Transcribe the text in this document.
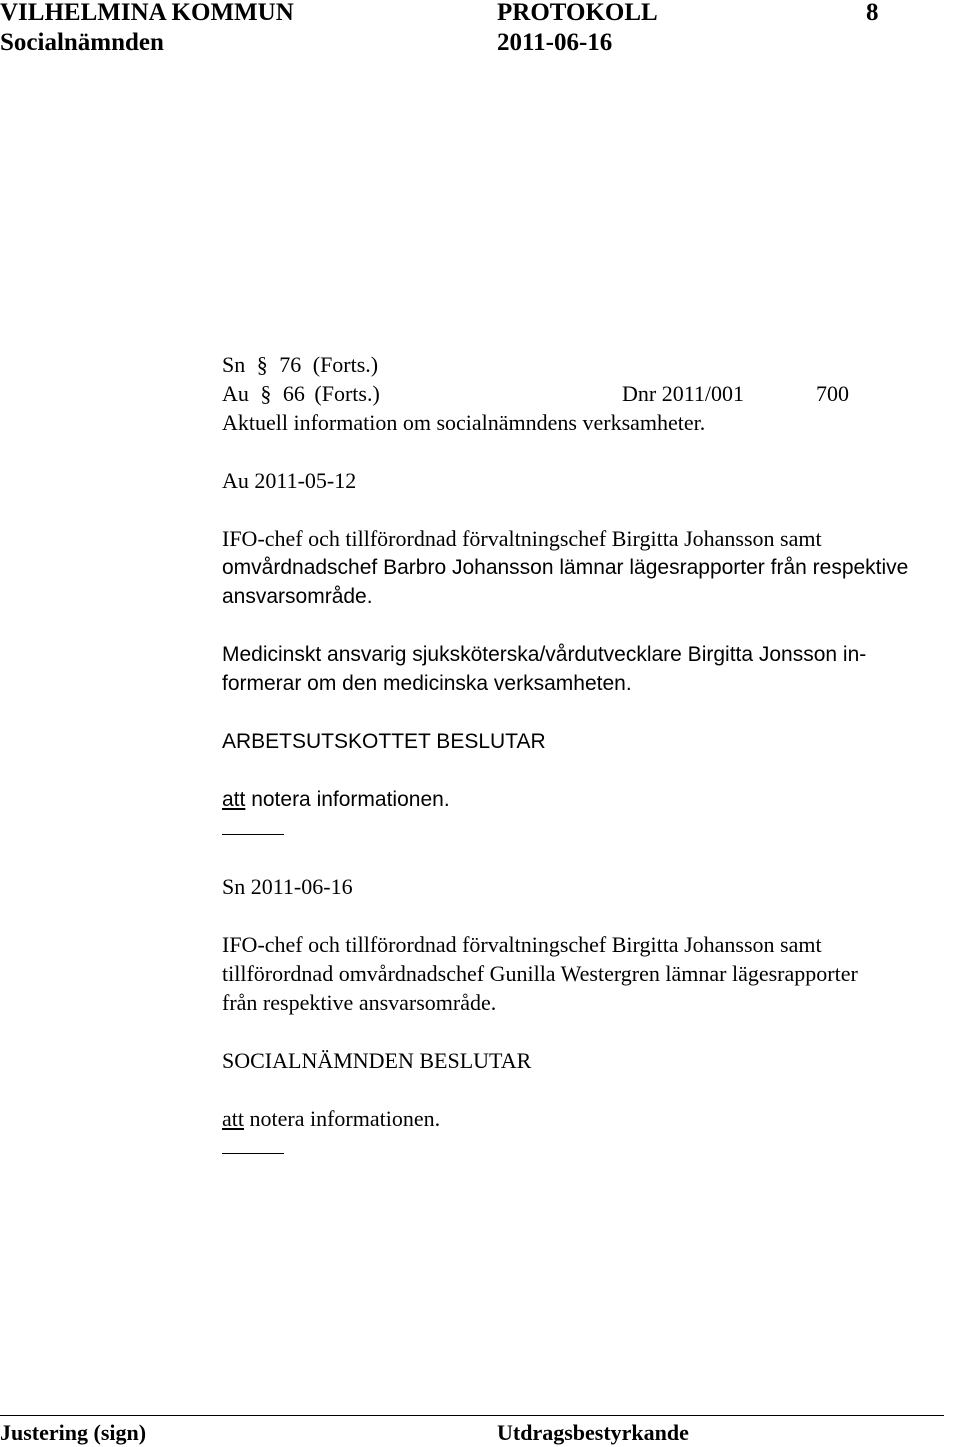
VILHELMINA KOMMUN	PROTOKOLL	8
Socialnämnden	2011-06-16
Sn § 76 (Forts.)
Au § 66 (Forts.)	Dnr 2011/001	700
Aktuell information om socialnämndens verksamheter.
Au 2011-05-12
IFO-chef och tillförordnad förvaltningschef Birgitta Johansson samt
omvårdnadschef Barbro Johansson lämnar lägesrapporter från respektive
ansvarsområde.
Medicinskt ansvarig sjuksköterska/vårdutvecklare Birgitta Jonsson in-
formerar om den medicinska verksamheten.
ARBETSUTSKOTTET BESLUTAR
att notera informationen.
Sn 2011-06-16
IFO-chef och tillförordnad förvaltningschef Birgitta Johansson samt
tillförordnad omvårdnadschef Gunilla Westergren lämnar lägesrapporter
från respektive ansvarsområde.
SOCIALNÄMNDEN BESLUTAR
att notera informationen.
Justering (sign)	Utdragsbestyrkande
